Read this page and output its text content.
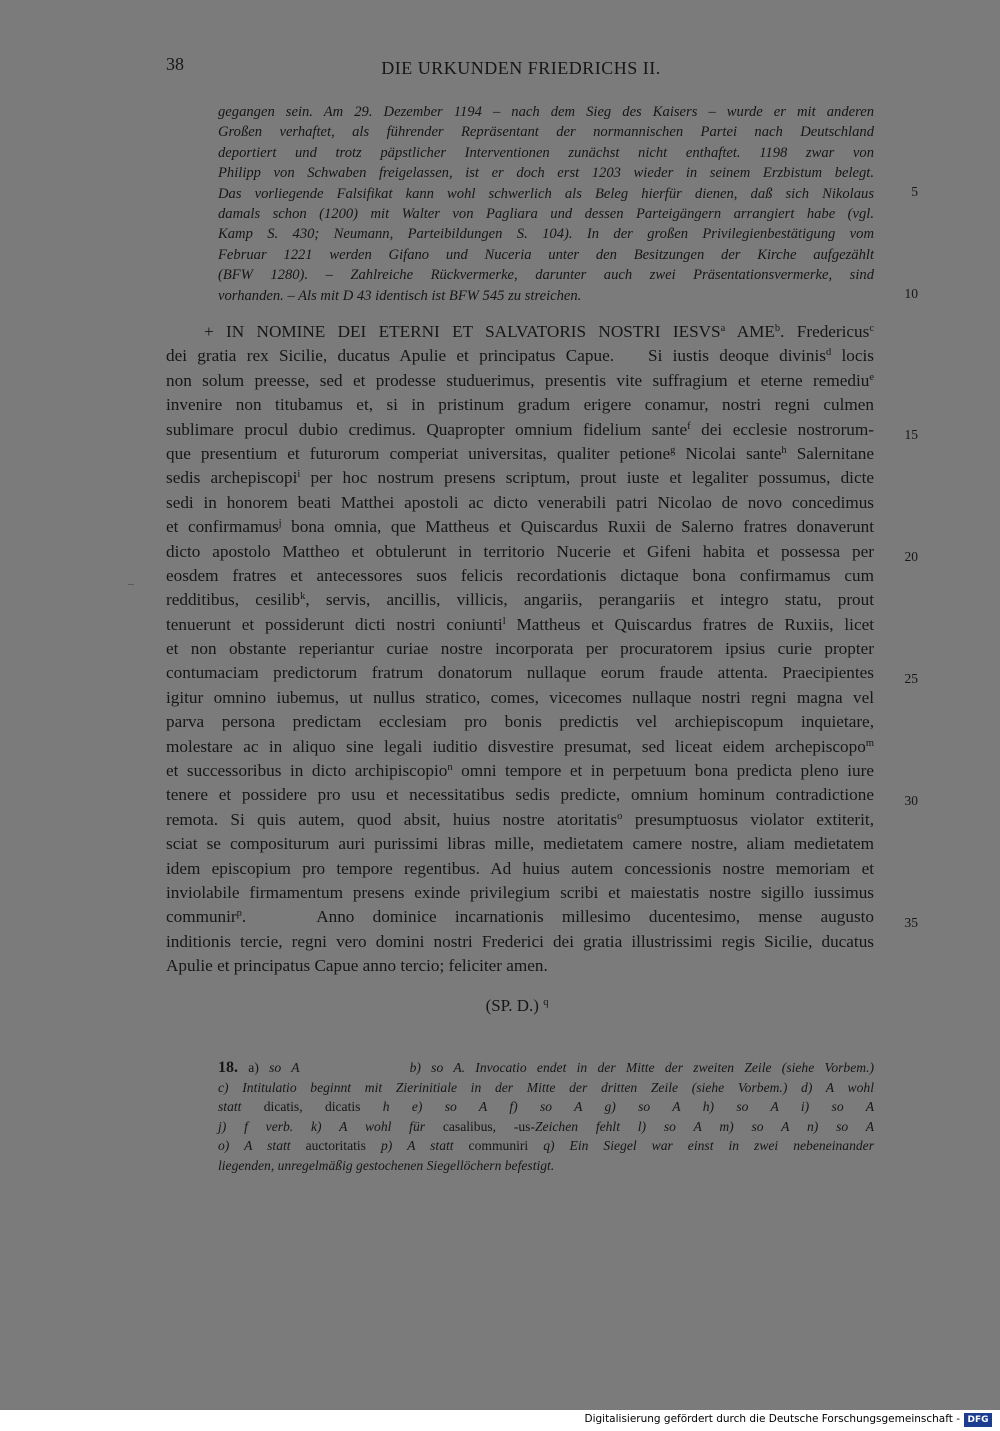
38	DIE URKUNDEN FRIEDRICHS II.
gegangen sein. Am 29. Dezember 1194 – nach dem Sieg des Kaisers – wurde er mit anderen
Großen verhaftet, als führender Repräsentant der normannischen Partei nach Deutschland
deportiert und trotz päpstlicher Interventionen zunächst nicht enthaftet. 1198 zwar von
Philipp von Schwaben freigelassen, ist er doch erst 1203 wieder in seinem Erzbistum belegt.
Das vorliegende Falsifikat kann wohl schwerlich als Beleg hierfür dienen, daß sich Nikolaus
damals schon (1200) mit Walter von Pagliara und dessen Parteigängern arrangiert habe (vgl.
Kamp S. 430; Neumann, Parteibildungen S. 104). In der großen Privilegienbestätigung vom
Februar 1221 werden Gifano und Nuceria unter den Besitzungen der Kirche aufgezählt
(BFW 1280). – Zahlreiche Rückvermerke, darunter auch zwei Präsentationsvermerke, sind
vorhanden. – Als mit D 43 identisch ist BFW 545 zu streichen.
5
10
+ IN NOMINE DEI ETERNI ET SALVATORIS NOSTRI IESVS$^a$ AME$^b$. Fredericus$^c$
dei gratia rex Sicilie, ducatus Apulie et principatus Capue. Si iustis deoque divinis$^d$ locis
non solum preesse, sed et prodesse studuerimus, presentis vite suffragium et eterne remediu$^e$
invenire non titubamus et, si in pristinum gradum erigere conamur, nostri regni culmen
sublimare procul dubio credimus. Quapropter omnium fidelium sante$^f$ dei ecclesie nostrorum-
que presentium et futurorum comperiat universitas, qualiter petione$^g$ Nicolai sante$^h$ Salernitane
sedis archepiscopi$^i$ per hoc nostrum presens scriptum, prout iuste et legaliter possumus, dicte
sedi in honorem beati Matthei apostoli ac dicto venerabili patri Nicolao de novo concedimus
et confirmamus$^j$ bona omnia, que Mattheus et Quiscardus Ruxii de Salerno fratres donaverunt
dicto apostolo Mattheo et obtulerunt in territorio Nucerie et Gifeni habita et possessa per
eosdem fratres et antecessores suos felicis recordationis dictaque bona confirmamus cum
redditibus, cesilib$^k$, servis, ancillis, villicis, angariis, perangariis et integro statu, prout
tenuerunt et possiderunt dicti nostri coniunti$^l$ Mattheus et Quiscardus fratres de Ruxiis, licet
et non obstante reperiantur curiae nostre incorporata per procuratorem ipsius curie propter
contumaciam predictorum fratrum donatorum nullaque eorum fraude attenta. Praecipientes
igitur omnino iubemus, ut nullus stratico, comes, vicecomes nullaque nostri regni magna vel
parva persona predictam ecclesiam pro bonis predictis vel archiepiscopum inquietare,
molestare ac in aliquo sine legali iuditio disvestire presumat, sed liceat eidem archepiscopo$^m$
et successoribus in dicto archipiscopio$^n$ omni tempore et in perpetuum bona predicta pleno iure
tenere et possidere pro usu et necessitatibus sedis predicte, omnium hominum contradictione
remota. Si quis autem, quod absit, huius nostre atoritatis$^o$ presumptuosus violator extiterit,
sciat se compositurum auri purissimi libras mille, medietatem camere nostre, aliam medietatem
idem episcopium pro tempore regentibus. Ad huius autem concessionis nostre memoriam et
inviolabile firmamentum presens exinde privilegium scribi et maiestatis nostre sigillo iussimus
communir$^p$.	Anno dominice incarnationis millesimo ducentesimo, mense augusto
inditionis tercie, regni vero domini nostri Frederici dei gratia illustrissimi regis Sicilie, ducatus
Apulie et principatus Capue anno tercio; feliciter amen.
15
20
25
30
35
(SP. D.) $^q$
18. a) so A	b) so A. Invocatio endet in der Mitte der zweiten Zeile (siehe Vorbem.)
c) Intitulatio beginnt mit Zierinitiale in der Mitte der dritten Zeile (siehe Vorbem.) d) A wohl
statt dicatis, dicatis h e) so A f) so A g) so A h) so A i) so A
j) f verb. k) A wohl für casalibus, -us-Zeichen fehlt l) so A m) so A n) so A
o) A statt auctoritatis p) A statt communiri q) Ein Siegel war einst in zwei nebeneinander
liegenden, unregelmäßig gestochenen Siegellöchern befestigt.
Digitalisierung gefördert durch die Deutsche Forschungsgemeinschaft - DFG
